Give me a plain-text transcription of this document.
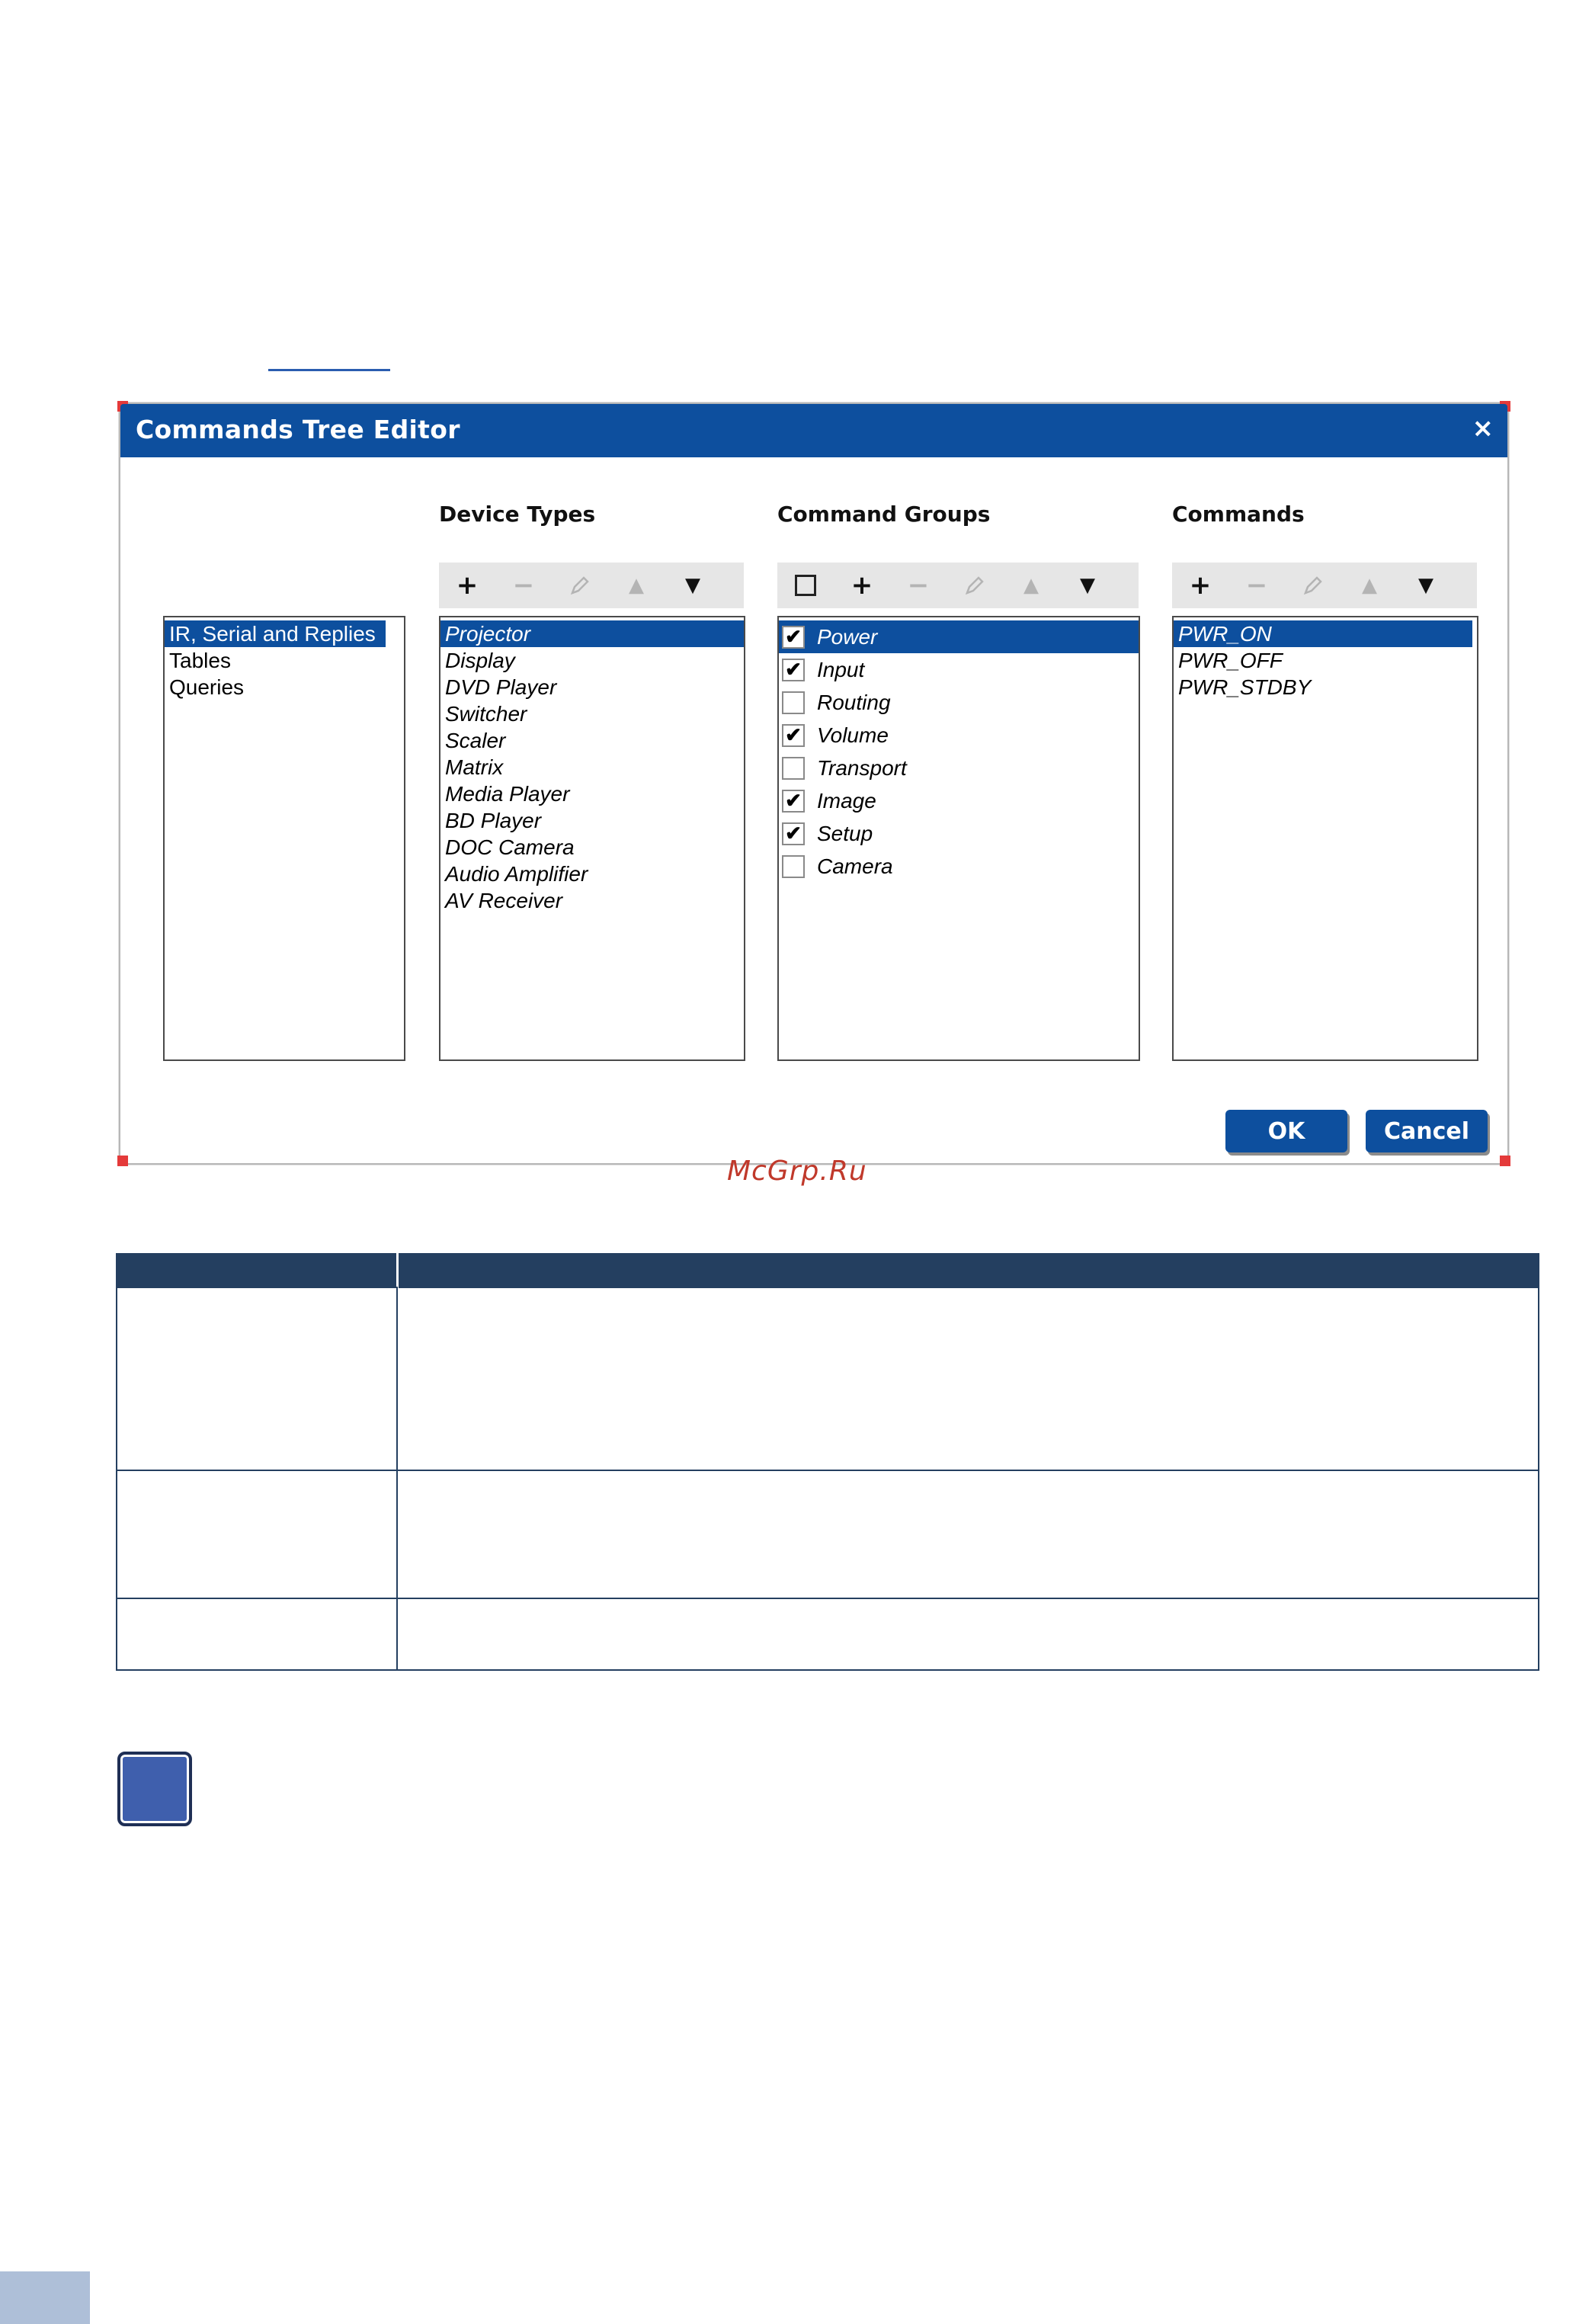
Commands Tree Editor	×
IR, Serial and Replies
Tables
Queries
Device Types
+	−	▲ ▼
Projector
Display
DVD Player
Switcher
Scaler
Matrix
Media Player
BD Player
DOC Camera
Audio Amplifier
AV Receiver
Command Groups
+	−	▲ ▼
✔ Power
✔ Input
Routing
✔ Volume
Transport
✔ Image
✔ Setup
Camera
Commands
+	−	▲ ▼
PWR_ON
PWR_OFF
PWR_STDBY
OK	Cancel
McGrp.Ru
